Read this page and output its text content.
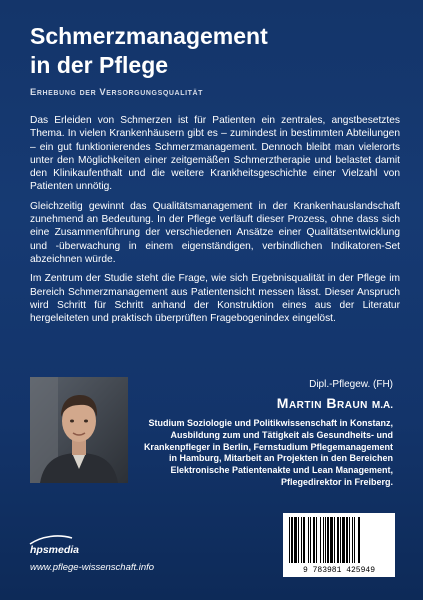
Schmerzmanagement
in der Pflege
Erhebung der Versorgungsqualität

Das Erleiden von Schmerzen ist für Patienten ein zentrales, angstbesetztes Thema. In vielen Krankenhäusern gibt es – zumindest in bestimmten Abteilungen – ein gut funktionierendes Schmerzmanagement. Dennoch bleibt man vielerorts unter den Möglichkeiten einer zeitgemäßen Schmerztherapie und belastet damit den Klinikaufenthalt und die weitere Krankheitsgeschichte einer Vielzahl von Patienten unnötig.

Gleichzeitig gewinnt das Qualitätsmanagement in der Krankenhauslandschaft zunehmend an Bedeutung. In der Pflege verläuft dieser Prozess, ohne dass sich eine Zusammenführung der verschiedenen Ansätze einer Qualitätsentwicklung und -überwachung in einem eigenständigen, verbindlichen Indikatoren-Set abzeichnen würde.

Im Zentrum der Studie steht die Frage, wie sich Ergebnisqualität in der Pflege im Bereich Schmerzmanagement aus Patientensicht messen lässt. Dieser Anspruch wird Schritt für Schritt anhand der Konstruktion eines aus der Literatur hergeleiteten und praktisch überprüften Fragebogenindex eingelöst.

Dipl.-Pflegew. (FH)
Martin Braun M.A.
Studium Soziologie und Politikwissenschaft in Konstanz, Ausbildung zum und Tätigkeit als Gesundheits- und Krankenpfleger in Berlin, Fernstudium Pflegemanagement in Hamburg, Mitarbeit an Projekten in den Bereichen Elektronische Patientenakte und Lean Management, Pflegedirektor in Freiberg.
hpsmedia
www.pflege-wissenschaft.info	9 783981 425949
